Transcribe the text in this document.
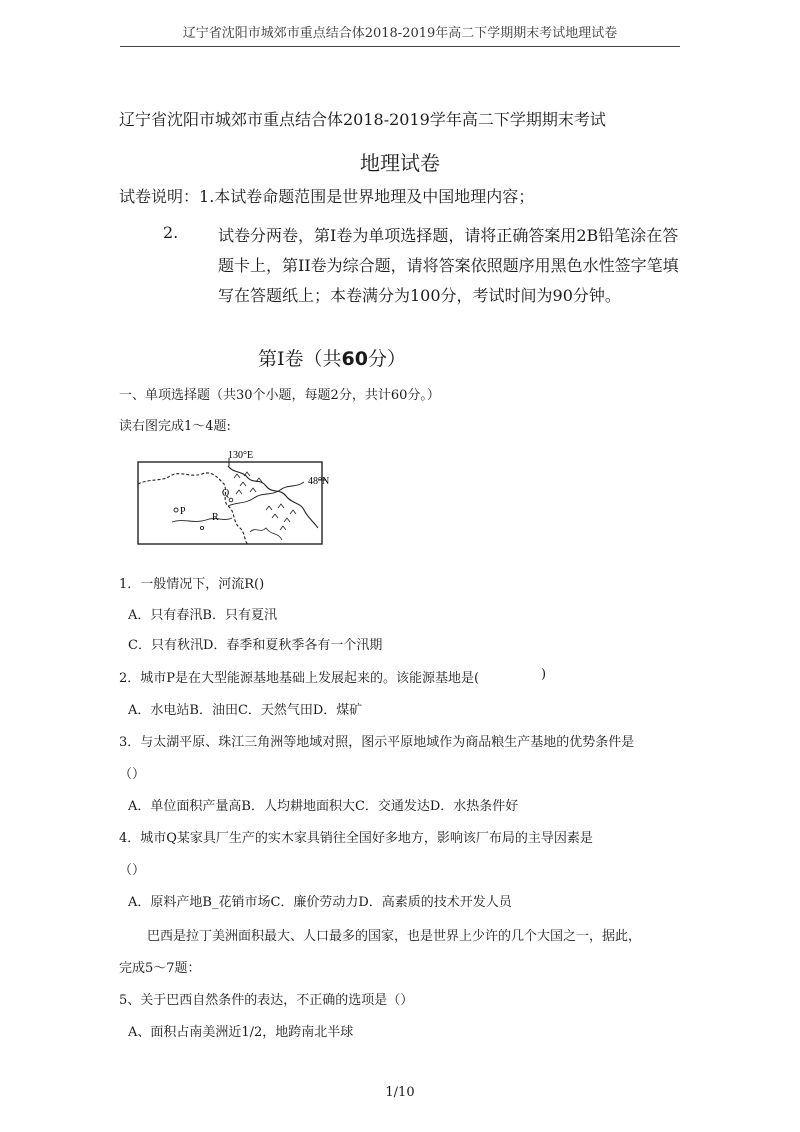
辽宁省沈阳市城郊市重点结合体2018-2019年高二下学期期末考试地理试卷
辽宁省沈阳市城郊市重点结合体2018-2019学年高二下学期期末考试
地理试卷
试卷说明：1.本试卷命题范围是世界地理及中国地理内容；
2. 试卷分两卷，第Ⅰ卷为单项选择题，请将正确答案用2B铅笔涂在答
题卡上，第II卷为综合题，请将答案依照题序用黑色水性签字笔填
写在答题纸上；本卷满分为100分，考试时间为90分钟。
第Ⅰ卷（共60分）
一、单项选择题（共30个小题，每题2分，共计60分。）
读右图完成1～4题:
130°E
48°N
P
Q
R
1．一般情况下，河流R()
A．只有春汛B．只有夏汛
C．只有秋汛D．春季和夏秋季各有一个汛期
2．城市P是在大型能源基地基础上发展起来的。该能源基地是(	)
A．水电站B．油田C．天然气田D．煤矿
3．与太湖平原、珠江三角洲等地域对照，图示平原地域作为商品粮生产基地的优势条件是
（）
A．单位面积产量高B．人均耕地面积大C．交通发达D．水热条件好
4．城市Q某家具厂生产的实木家具销往全国好多地方，影响该厂布局的主导因素是
（）
A．原料产地B_花销市场C．廉价劳动力D．高素质的技术开发人员
巴西是拉丁美洲面积最大、人口最多的国家，也是世界上少许的几个大国之一，据此，
完成5～7题：
5、关于巴西自然条件的表达，不正确的选项是（）
A、面积占南美洲近1/2，地跨南北半球
1/10
